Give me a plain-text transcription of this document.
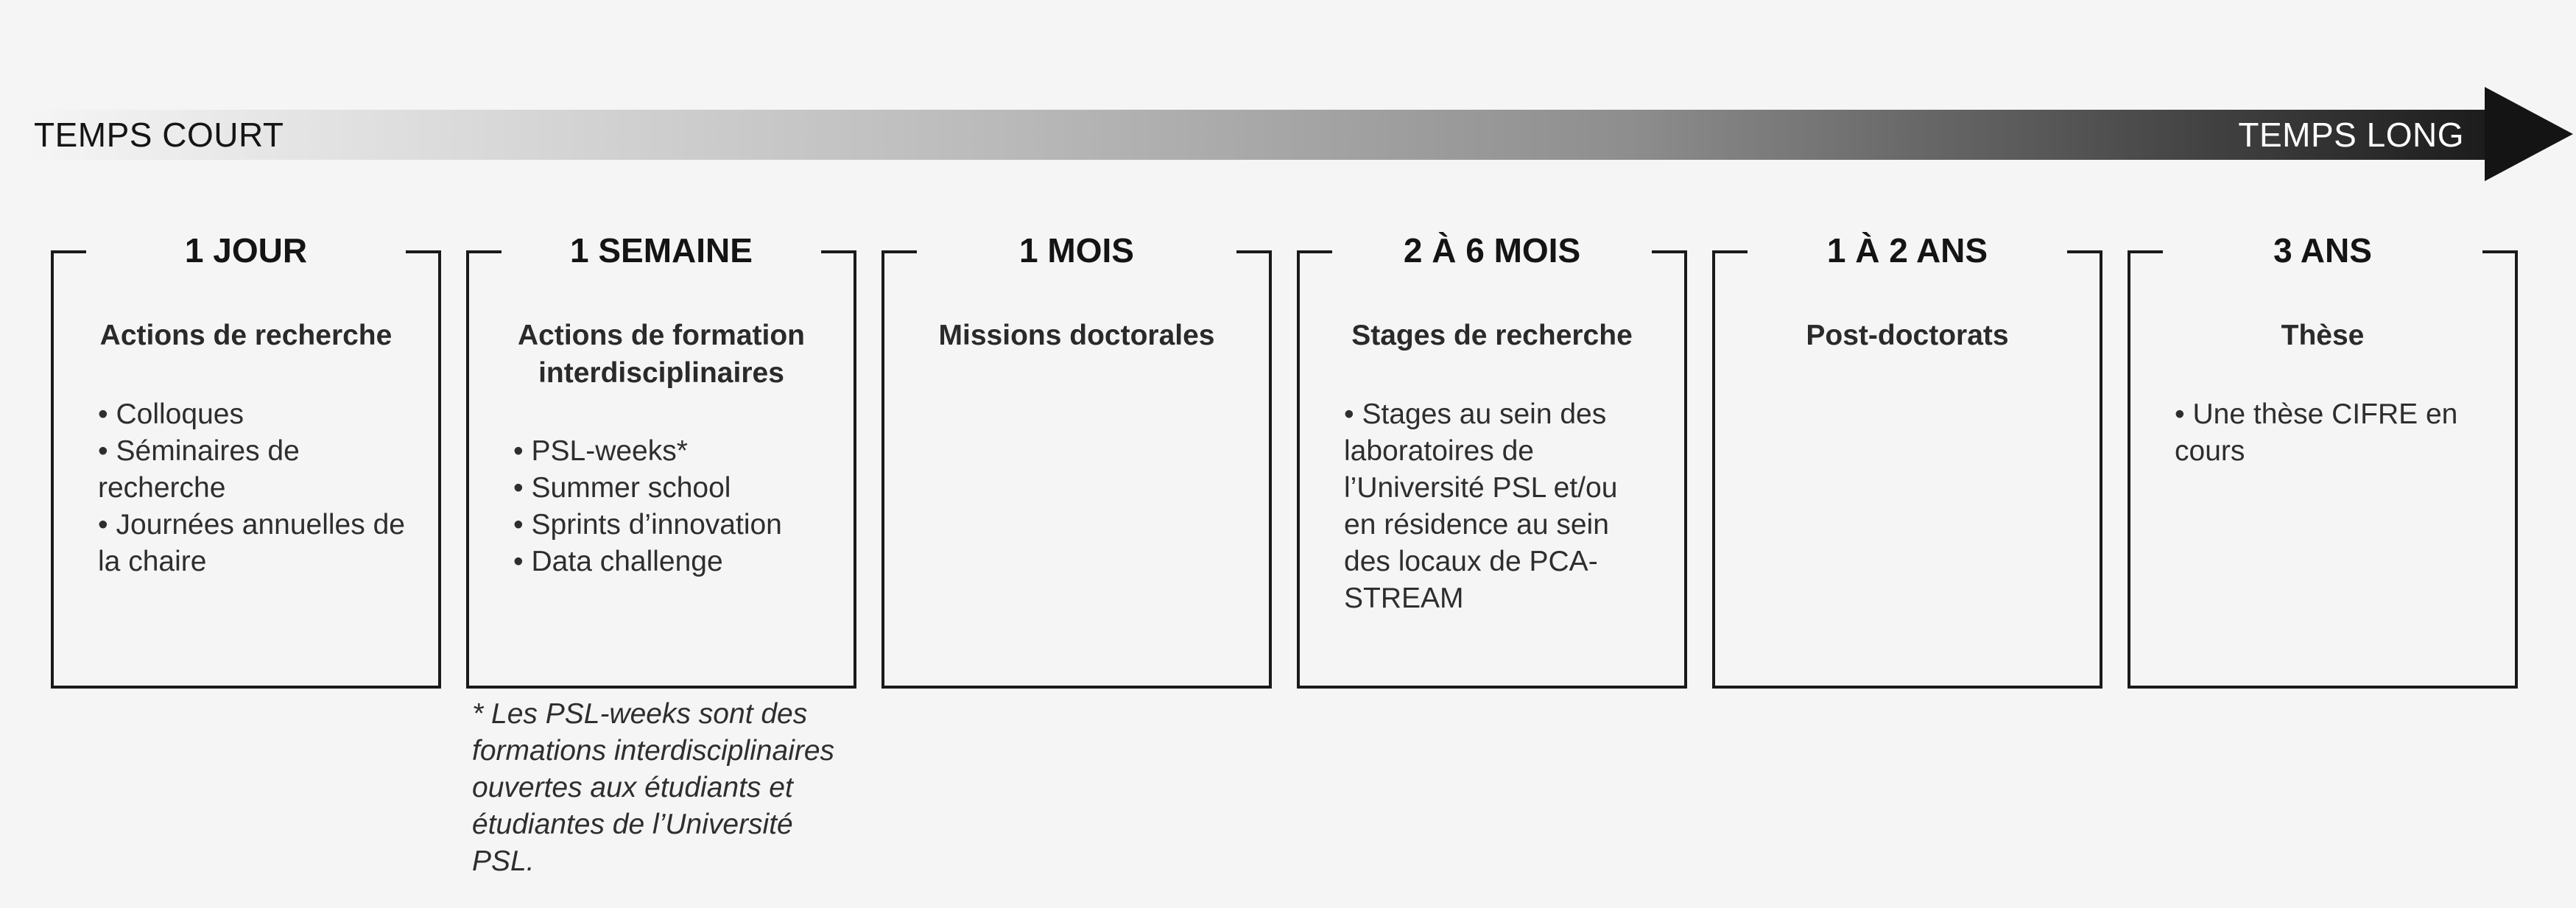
TEMPS COURT	TEMPS LONG
1 JOUR
Actions de recherche
• Colloques
• Séminaires de recherche
• Journées annuelles de la chaire
1 SEMAINE
Actions de formation interdisciplinaires
• PSL-weeks*
• Summer school
• Sprints d’innovation
• Data challenge
1 MOIS
Missions doctorales
2 À 6 MOIS
Stages de recherche
• Stages au sein des laboratoires de l’Université PSL et/ou en résidence au sein des locaux de PCA-STREAM
1 À 2 ANS
Post-doctorats
3 ANS
Thèse
• Une thèse CIFRE en cours
* Les PSL-weeks sont des formations interdisciplinaires ouvertes aux étudiants et étudiantes de l’Université PSL.
